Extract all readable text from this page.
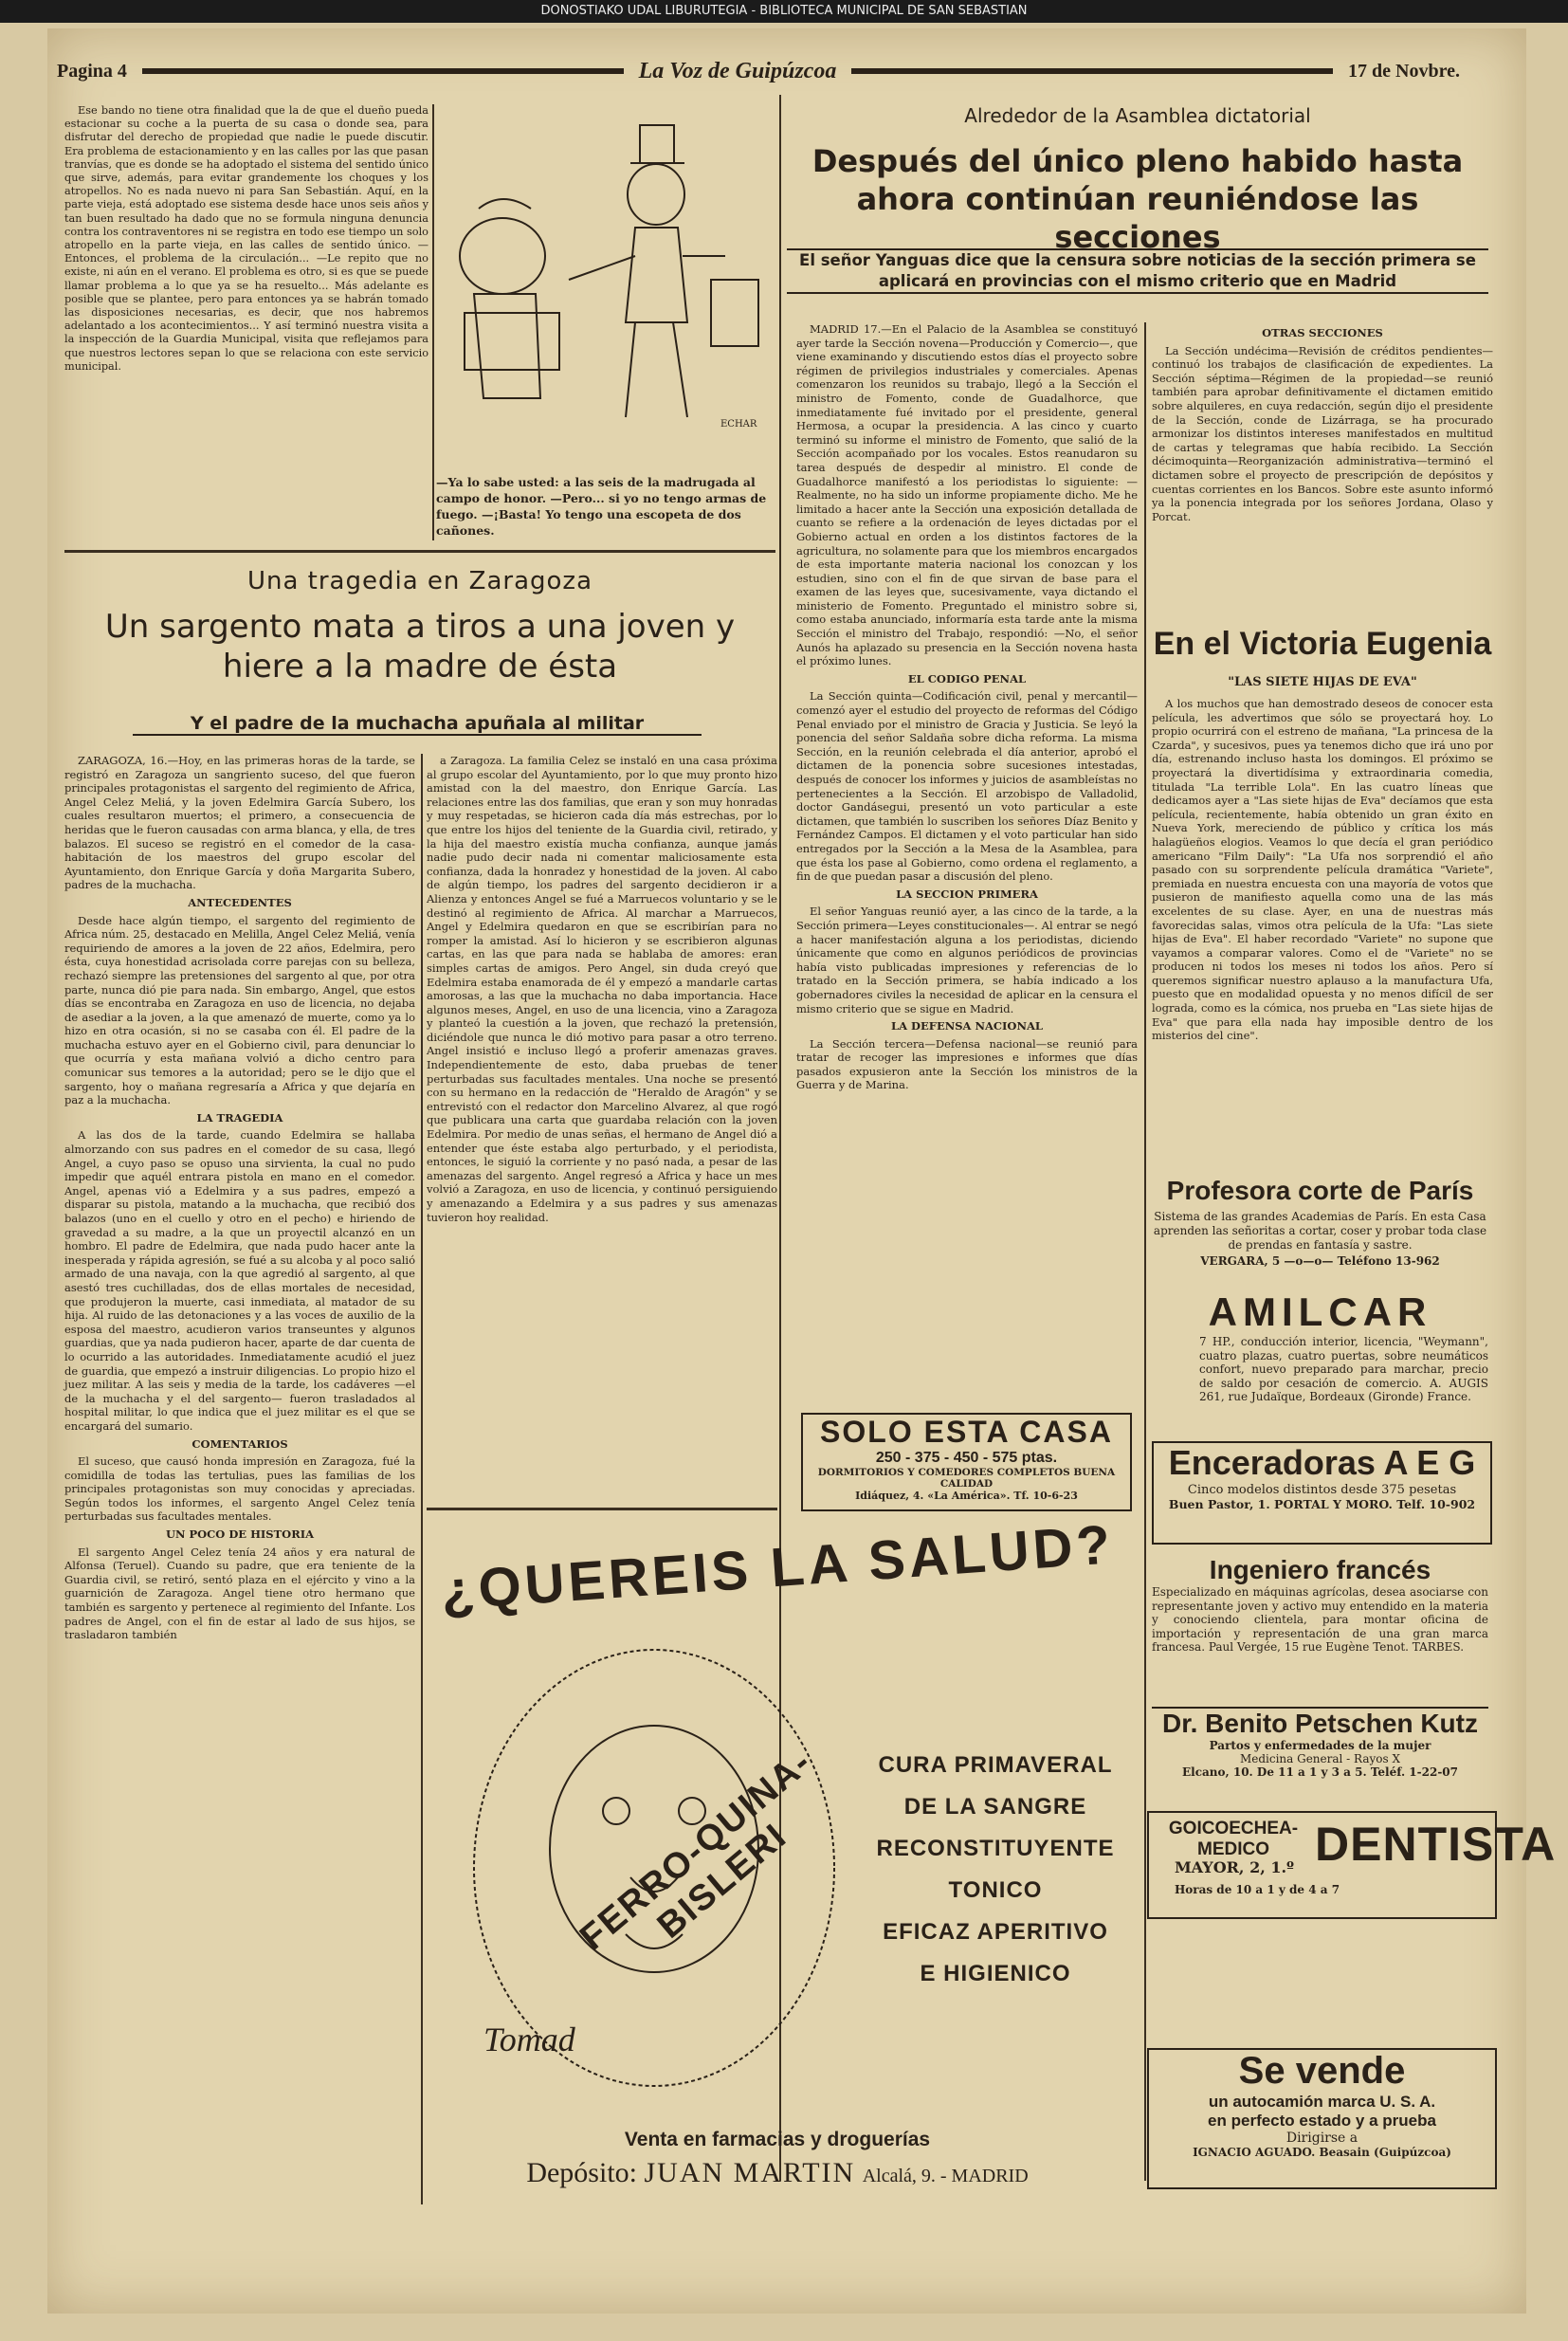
DONOSTIAKO UDAL LIBURUTEGIA - BIBLIOTECA MUNICIPAL DE SAN SEBASTIAN
Pagina 4	La Voz de Guipúzcoa	17 de Novbre.

Ese bando no tiene otra finalidad que la de que el dueño pueda estacionar su coche a la puerta de su casa o donde sea, para disfrutar del derecho de propiedad que nadie le puede discutir. Era problema de estacionamiento y en las calles por las que pasan tranvías, que es donde se ha adoptado el sistema del sentido único que sirve, además, para evitar grandemente los choques y los atropellos. No es nada nuevo ni para San Sebastián. Aquí, en la parte vieja, está adoptado ese sistema desde hace unos seis años y tan buen resultado ha dado que no se formula ninguna denuncia contra los contraventores ni se registra en todo ese tiempo un solo atropello en la parte vieja, en las calles de sentido único. —Entonces, el problema de la circulación... —Le repito que no existe, ni aún en el verano. El problema es otro, si es que se puede llamar problema a lo que ya se ha resuelto... Más adelante es posible que se plantee, pero para entonces ya se habrán tomado las disposiciones necesarias, es decir, que nos habremos adelantado a los acontecimientos... Y así terminó nuestra visita a la inspección de la Guardia Municipal, visita que reflejamos para que nuestros lectores sepan lo que se relaciona con este servicio municipal.

ECHAR
—Ya lo sabe usted: a las seis de la madrugada al campo de honor. —Pero... si yo no tengo armas de fuego. —¡Basta! Yo tengo una escopeta de dos cañones.
Una tragedia en Zaragoza
Un sargento mata a tiros a una joven y hiere a la madre de ésta
Y el padre de la muchacha apuñala al militar

ZARAGOZA, 16.—Hoy, en las primeras horas de la tarde, se registró en Zaragoza un sangriento suceso, del que fueron principales protagonistas el sargento del regimiento de Africa, Angel Celez Meliá, y la joven Edelmira García Subero, los cuales resultaron muertos; el primero, a consecuencia de heridas que le fueron causadas con arma blanca, y ella, de tres balazos. El suceso se registró en el comedor de la casa-habitación de los maestros del grupo escolar del Ayuntamiento, don Enrique García y doña Margarita Subero, padres de la muchacha.

ANTECEDENTES

Desde hace algún tiempo, el sargento del regimiento de Africa núm. 25, destacado en Melilla, Angel Celez Meliá, venía requiriendo de amores a la joven de 22 años, Edelmira, pero ésta, cuya honestidad acrisolada corre parejas con su belleza, rechazó siempre las pretensiones del sargento al que, por otra parte, nunca dió pie para nada. Sin embargo, Angel, que estos días se encontraba en Zaragoza en uso de licencia, no dejaba de asediar a la joven, a la que amenazó de muerte, como ya lo hizo en otra ocasión, si no se casaba con él. El padre de la muchacha estuvo ayer en el Gobierno civil, para denunciar lo que ocurría y esta mañana volvió a dicho centro para comunicar sus temores a la autoridad; pero se le dijo que el sargento, hoy o mañana regresaría a Africa y que dejaría en paz a la muchacha.

LA TRAGEDIA

A las dos de la tarde, cuando Edelmira se hallaba almorzando con sus padres en el comedor de su casa, llegó Angel, a cuyo paso se opuso una sirvienta, la cual no pudo impedir que aquél entrara pistola en mano en el comedor. Angel, apenas vió a Edelmira y a sus padres, empezó a disparar su pistola, matando a la muchacha, que recibió dos balazos (uno en el cuello y otro en el pecho) e hiriendo de gravedad a su madre, a la que un proyectil alcanzó en un hombro. El padre de Edelmira, que nada pudo hacer ante la inesperada y rápida agresión, se fué a su alcoba y al poco salió armado de una navaja, con la que agredió al sargento, al que asestó tres cuchilladas, dos de ellas mortales de necesidad, que produjeron la muerte, casi inmediata, al matador de su hija. Al ruido de las detonaciones y a las voces de auxilio de la esposa del maestro, acudieron varios transeuntes y algunos guardias, que ya nada pudieron hacer, aparte de dar cuenta de lo ocurrido a las autoridades. Inmediatamente acudió el juez de guardia, que empezó a instruir diligencias. Lo propio hizo el juez militar. A las seis y media de la tarde, los cadáveres —el de la muchacha y el del sargento— fueron trasladados al hospital militar, lo que indica que el juez militar es el que se encargará del sumario.

COMENTARIOS

El suceso, que causó honda impresión en Zaragoza, fué la comidilla de todas las tertulias, pues las familias de los principales protagonistas son muy conocidas y apreciadas. Según todos los informes, el sargento Angel Celez tenía perturbadas sus facultades mentales.

UN POCO DE HISTORIA

El sargento Angel Celez tenía 24 años y era natural de Alfonsa (Teruel). Cuando su padre, que era teniente de la Guardia civil, se retiró, sentó plaza en el ejército y vino a la guarnición de Zaragoza. Angel tiene otro hermano que también es sargento y pertenece al regimiento del Infante. Los padres de Angel, con el fin de estar al lado de sus hijos, se trasladaron también

a Zaragoza. La familia Celez se instaló en una casa próxima al grupo escolar del Ayuntamiento, por lo que muy pronto hizo amistad con la del maestro, don Enrique García. Las relaciones entre las dos familias, que eran y son muy honradas y muy respetadas, se hicieron cada día más estrechas, por lo que entre los hijos del teniente de la Guardia civil, retirado, y la hija del maestro existía mucha confianza, aunque jamás nadie pudo decir nada ni comentar maliciosamente esta confianza, dada la honradez y honestidad de la joven. Al cabo de algún tiempo, los padres del sargento decidieron ir a Alienza y entonces Angel se fué a Marruecos voluntario y se le destinó al regimiento de Africa. Al marchar a Marruecos, Angel y Edelmira quedaron en que se escribirían para no romper la amistad. Así lo hicieron y se escribieron algunas cartas, en las que para nada se hablaba de amores: eran simples cartas de amigos. Pero Angel, sin duda creyó que Edelmira estaba enamorada de él y empezó a mandarle cartas amorosas, a las que la muchacha no daba importancia. Hace algunos meses, Angel, en uso de una licencia, vino a Zaragoza y planteó la cuestión a la joven, que rechazó la pretensión, diciéndole que nunca le dió motivo para pasar a otro terreno. Angel insistió e incluso llegó a proferir amenazas graves. Independientemente de esto, daba pruebas de tener perturbadas sus facultades mentales. Una noche se presentó con su hermano en la redacción de "Heraldo de Aragón" y se entrevistó con el redactor don Marcelino Alvarez, al que rogó que publicara una carta que guardaba relación con la joven Edelmira. Por medio de unas señas, el hermano de Angel dió a entender que éste estaba algo perturbado, y el periodista, entonces, le siguió la corriente y no pasó nada, a pesar de las amenazas del sargento. Angel regresó a Africa y hace un mes volvió a Zaragoza, en uso de licencia, y continuó persiguiendo y amenazando a Edelmira y a sus padres y sus amenazas tuvieron hoy realidad.

¿QUEREIS LA SALUD?
Tomad
FERRO-QUINA-BISLERI
CURA PRIMAVERAL
DE LA SANGRE
RECONSTITUYENTE
TONICO
EFICAZ APERITIVO
E HIGIENICO
Venta en farmacias y droguerías
Depósito: JUAN MARTIN Alcalá, 9. - MADRID
Alrededor de la Asamblea dictatorial
Después del único pleno habido hasta ahora continúan reuniéndose las secciones
El señor Yanguas dice que la censura sobre noticias de la sección primera se aplicará en provincias con el mismo criterio que en Madrid

MADRID 17.—En el Palacio de la Asamblea se constituyó ayer tarde la Sección novena—Producción y Comercio—, que viene examinando y discutiendo estos días el proyecto sobre régimen de privilegios industriales y comerciales. Apenas comenzaron los reunidos su trabajo, llegó a la Sección el ministro de Fomento, conde de Guadalhorce, que inmediatamente fué invitado por el presidente, general Hermosa, a ocupar la presidencia. A las cinco y cuarto terminó su informe el ministro de Fomento, que salió de la Sección acompañado por los vocales. Estos reanudaron su tarea después de despedir al ministro. El conde de Guadalhorce manifestó a los periodistas lo siguiente: —Realmente, no ha sido un informe propiamente dicho. Me he limitado a hacer ante la Sección una exposición detallada de cuanto se refiere a la ordenación de leyes dictadas por el Gobierno actual en orden a los distintos factores de la agricultura, no solamente para que los miembros encargados de esta importante materia nacional los conozcan y los estudien, sino con el fin de que sirvan de base para el examen de las leyes que, sucesivamente, vaya dictando el ministerio de Fomento. Preguntado el ministro sobre si, como estaba anunciado, informaría esta tarde ante la misma Sección el ministro del Trabajo, respondió: —No, el señor Aunós ha aplazado su presencia en la Sección novena hasta el próximo lunes.

EL CODIGO PENAL

La Sección quinta—Codificación civil, penal y mercantil—comenzó ayer el estudio del proyecto de reformas del Código Penal enviado por el ministro de Gracia y Justicia. Se leyó la ponencia del señor Saldaña sobre dicha reforma. La misma Sección, en la reunión celebrada el día anterior, aprobó el dictamen de la ponencia sobre sucesiones intestadas, después de conocer los informes y juicios de asambleístas no pertenecientes a la Sección. El arzobispo de Valladolid, doctor Gandásegui, presentó un voto particular a este dictamen, que también lo suscriben los señores Díaz Benito y Fernández Campos. El dictamen y el voto particular han sido entregados por la Sección a la Mesa de la Asamblea, para que ésta los pase al Gobierno, como ordena el reglamento, a fin de que puedan pasar a discusión del pleno.

LA SECCION PRIMERA

El señor Yanguas reunió ayer, a las cinco de la tarde, a la Sección primera—Leyes constitucionales—. Al entrar se negó a hacer manifestación alguna a los periodistas, diciendo únicamente que como en algunos periódicos de provincias había visto publicadas impresiones y referencias de lo tratado en la Sección primera, se había indicado a los gobernadores civiles la necesidad de aplicar en la censura el mismo criterio que se sigue en Madrid.

LA DEFENSA NACIONAL

La Sección tercera—Defensa nacional—se reunió para tratar de recoger las impresiones e informes que días pasados expusieron ante la Sección los ministros de la Guerra y de Marina.

OTRAS SECCIONES

La Sección undécima—Revisión de créditos pendientes—continuó los trabajos de clasificación de expedientes. La Sección séptima—Régimen de la propiedad—se reunió también para aprobar definitivamente el dictamen emitido sobre alquileres, en cuya redacción, según dijo el presidente de la Sección, conde de Lizárraga, se ha procurado armonizar los distintos intereses manifestados en multitud de cartas y telegramas que había recibido. La Sección décimoquinta—Reorganización administrativa—terminó el dictamen sobre el proyecto de prescripción de depósitos y cuentas corrientes en los Bancos. Sobre este asunto informó ya la ponencia integrada por los señores Jordana, Olaso y Porcat.

En el Victoria Eugenia
"LAS SIETE HIJAS DE EVA"

A los muchos que han demostrado deseos de conocer esta película, les advertimos que sólo se proyectará hoy. Lo propio ocurrirá con el estreno de mañana, "La princesa de la Czarda", y sucesivos, pues ya tenemos dicho que irá uno por día, estrenando incluso hasta los domingos. El próximo se proyectará la divertidísima y extraordinaria comedia, titulada "La terrible Lola". En las cuatro líneas que dedicamos ayer a "Las siete hijas de Eva" decíamos que esta película, recientemente, había obtenido un gran éxito en Nueva York, mereciendo de público y crítica los más halagüeños elogios. Veamos lo que decía el gran periódico americano "Film Daily": "La Ufa nos sorprendió el año pasado con su sorprendente película dramática "Variete", premiada en nuestra encuesta con una mayoría de votos que pusieron de manifiesto aquella como una de las más excelentes de su clase. Ayer, en una de nuestras más favorecidas salas, vimos otra película de la Ufa: "Las siete hijas de Eva". El haber recordado "Variete" no supone que vayamos a comparar valores. Como el de "Variete" no se producen ni todos los meses ni todos los años. Pero sí queremos significar nuestro aplauso a la manufactura Ufa, puesto que en modalidad opuesta y no menos difícil de ser lograda, como es la cómica, nos prueba en "Las siete hijas de Eva" que para ella nada hay imposible dentro de los misterios del cine".

SOLO ESTA CASA
250 - 375 - 450 - 575 ptas.
DORMITORIOS Y COMEDORES COMPLETOS BUENA CALIDAD
Idiáquez, 4. «La América». Tf. 10-6-23
Profesora corte de París
Sistema de las grandes Academias de París. En esta Casa aprenden las señoritas a cortar, coser y probar toda clase de prendas en fantasía y sastre.
VERGARA, 5 —o—o— Teléfono 13-962
AMILCAR
7 HP., conducción interior, licencia, "Weymann", cuatro plazas, cuatro puertas, sobre neumáticos confort, nuevo preparado para marchar, precio de saldo por cesación de comercio. A. AUGIS 261, rue Judaïque, Bordeaux (Gironde) France.
Enceradoras A E G
Cinco modelos distintos desde 375 pesetas
Buen Pastor, 1. PORTAL Y MORO. Telf. 10-902
Ingeniero francés
Especializado en máquinas agrícolas, desea asociarse con representante joven y activo muy entendido en la materia y conociendo clientela, para montar oficina de importación y representación de una gran marca francesa. Paul Vergée, 15 rue Eugène Tenot. TARBES.
Dr. Benito Petschen Kutz
Partos y enfermedades de la mujer
Medicina General - Rayos X
Elcano, 10. De 11 a 1 y 3 a 5. Teléf. 1-22-07
GOICOECHEA-MEDICO DENTISTA
MAYOR, 2, 1.º
Horas de 10 a 1 y de 4 a 7
Se vende
un autocamión marca U. S. A.
en perfecto estado y a prueba
Dirigirse a
IGNACIO AGUADO. Beasain (Guipúzcoa)
